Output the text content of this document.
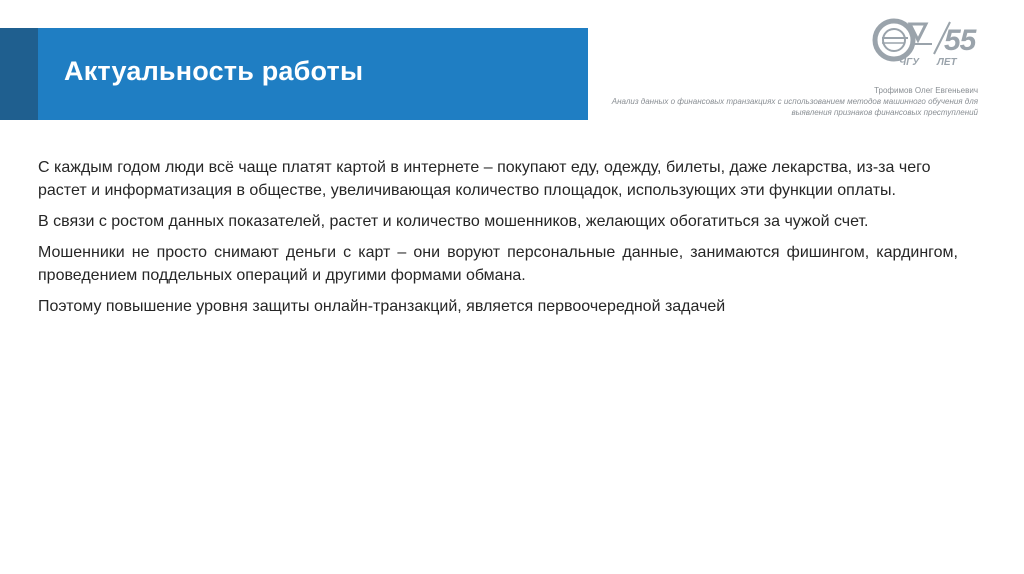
Актуальность работы
55
ЧГУ ЛЕТ
Трофимов Олег Евгеньевич
Анализ данных о финансовых транзакциях с использованием методов машинного обучения для выявления признаков финансовых преступлений

С каждым годом люди всё чаще платят картой в интернете – покупают еду, одежду, билеты, даже лекарства, из-за чего растет и информатизация в обществе, увеличивающая количество площадок, использующих эти функции оплаты.

В связи с ростом данных показателей, растет и количество мошенников, желающих обогатиться за чужой счет.

Мошенники не просто снимают деньги с карт – они воруют персональные данные, занимаются фишингом, кардингом, проведением поддельных операций и другими формами обмана.

Поэтому повышение уровня защиты онлайн-транзакций, является первоочередной задачей
